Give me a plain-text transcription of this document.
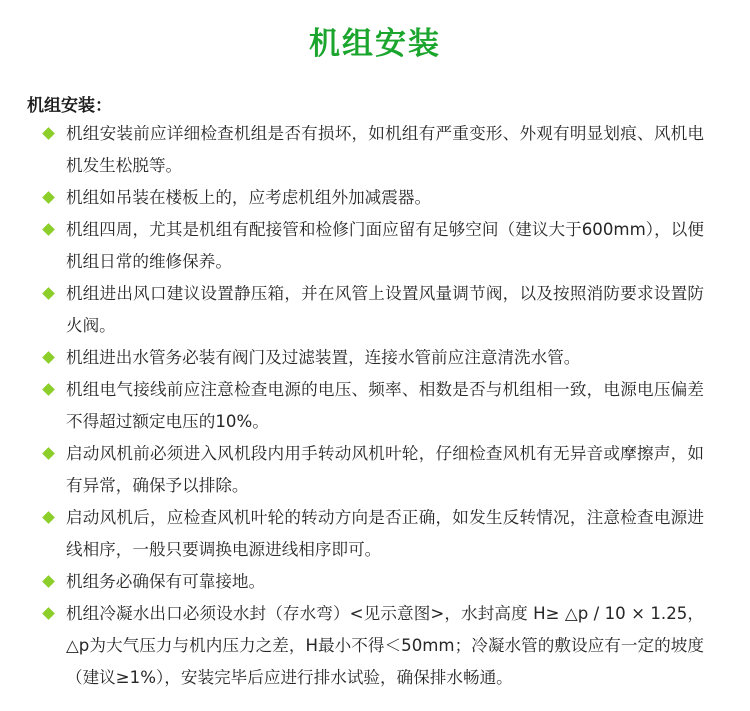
机组安装
机组安装：
机组安装前应详细检查机组是否有损坏，如机组有严重变形、外观有明显划痕、风机电机发生松脱等。
机组如吊装在楼板上的，应考虑机组外加减震器。
机组四周，尤其是机组有配接管和检修门面应留有足够空间（建议大于600mm），以便机组日常的维修保养。
机组进出风口建议设置静压箱，并在风管上设置风量调节阀，以及按照消防要求设置防火阀。
机组进出水管务必装有阀门及过滤装置，连接水管前应注意清洗水管。
机组电气接线前应注意检查电源的电压、频率、相数是否与机组相一致，电源电压偏差不得超过额定电压的10%。
启动风机前必须进入风机段内用手转动风机叶轮，仔细检查风机有无异音或摩擦声，如有异常，确保予以排除。
启动风机后，应检查风机叶轮的转动方向是否正确，如发生反转情况，注意检查电源进线相序，一般只要调换电源进线相序即可。
机组务必确保有可靠接地。
机组冷凝水出口必须设水封（存水弯）<见示意图>，水封高度 H≥ △p / 10 × 1.25，△p为大气压力与机内压力之差，H最小不得＜50mm；冷凝水管的敷设应有一定的坡度（建议≥1%），安装完毕后应进行排水试验，确保排水畅通。
